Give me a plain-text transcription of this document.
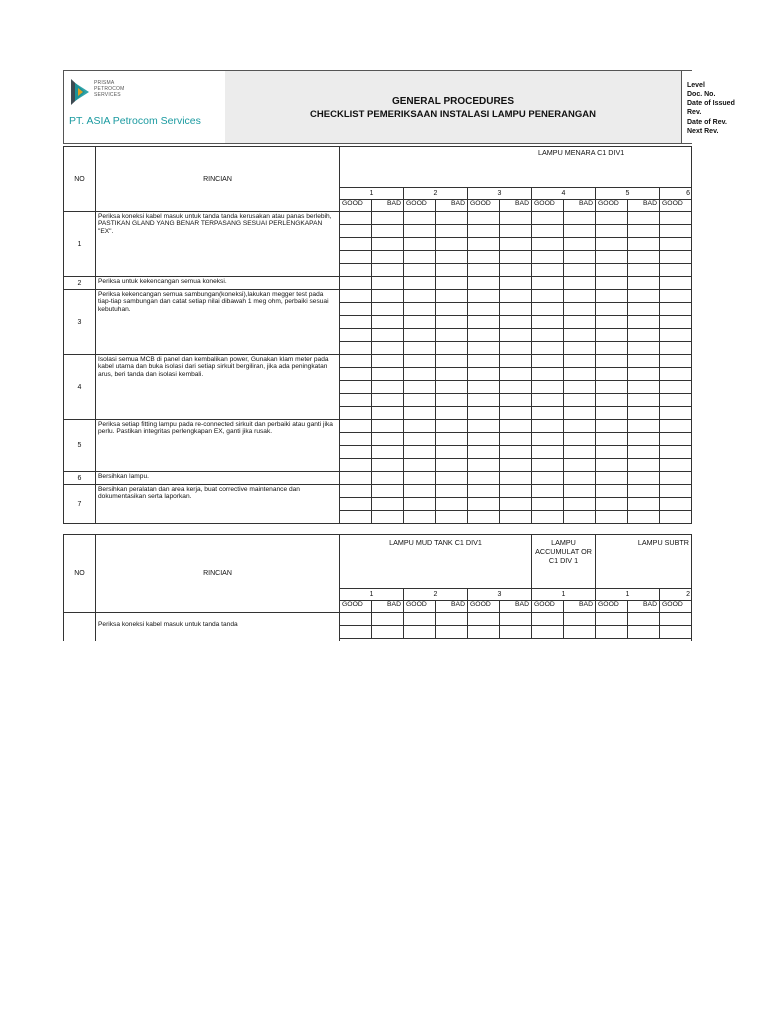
PRISMA
PETROCOM
SERVICES
PT. ASIA Petrocom Services
GENERAL PROCEDURES
CHECKLIST PEMERIKSAAN INSTALASI LAMPU PENERANGAN
Level
Doc. No.
Date of Issued
Rev.
Date of Rev.
Next Rev.
NO	RINCIAN	LAMPU MENARA C1 DIV1										
		1		2		3		4		5		6
		GOOD	BAD	GOOD	BAD	GOOD	BAD	GOOD	BAD	GOOD	BAD	GOOD
1	Periksa koneksi kabel masuk untuk tanda tanda kerusakan atau panas berlebih, PASTIKAN GLAND YANG BENAR TERPASANG SESUAI PERLENGKAPAN "EX".											

2	Periksa untuk kekencangan semua koneksi.											
3	Periksa kekencangan semua sambungan(koneksi),lakukan megger test pada tiap-tiap sambungan dan catat setiap nilai dibawah 1 meg ohm, perbaiki sesuai kebutuhan.											

4	Isolasi semua MCB di panel dan kembalikan power, Gunakan klam meter pada kabel utama dan buka isolasi dari setiap sirkuit bergiliran, jika ada peningkatan arus, beri tanda dan isolasi kembali.											

5	Periksa setiap fitting lampu pada re-connected sirkuit dan perbaiki atau ganti jika perlu. Pastikan integritas perlengkapan EX, ganti jika rusak.											

6	Bersihkan lampu.											
7	Bersihkan peralatan dan area kerja, buat corrective maintenance dan dokumentasikan serta laporkan.											

NO	RINCIAN	LAMPU MUD TANK C1 DIV1						LAMPU ACCUMULAT OR C1 DIV 1		LAMPU SUBTR		
		1		2		3		1		1		2
		GOOD	BAD	GOOD	BAD	GOOD	BAD	GOOD	BAD	GOOD	BAD	GOOD
	Periksa koneksi kabel masuk untuk tanda tanda											
